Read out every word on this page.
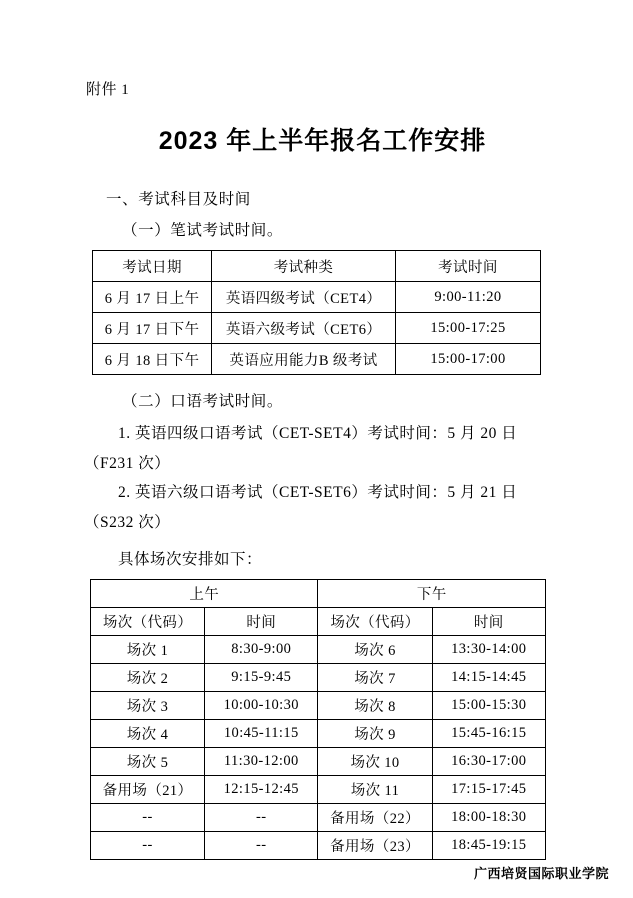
附件 1
2023 年上半年报名工作安排
一、考试科目及时间
（一）笔试考试时间。
考试日期	考试种类	考试时间
6 月 17 日上午	英语四级考试（CET4）	9:00-11:20
6 月 17 日下午	英语六级考试（CET6）	15:00-17:25
6 月 18 日下午	英语应用能力B 级考试	15:00-17:00
（二）口语考试时间。
1. 英语四级口语考试（CET-SET4）考试时间：5 月 20 日
（F231 次）
2. 英语六级口语考试（CET-SET6）考试时间：5 月 21 日
（S232 次）
具体场次安排如下：
上午		下午	
场次（代码）	时间	场次（代码）	时间
场次 1	8:30-9:00	场次 6	13:30-14:00
场次 2	9:15-9:45	场次 7	14:15-14:45
场次 3	10:00-10:30	场次 8	15:00-15:30
场次 4	10:45-11:15	场次 9	15:45-16:15
场次 5	11:30-12:00	场次 10	16:30-17:00
备用场（21）	12:15-12:45	场次 11	17:15-17:45
--	--	备用场（22）	18:00-18:30
--	--	备用场（23）	18:45-19:15
广西培贤国际职业学院
